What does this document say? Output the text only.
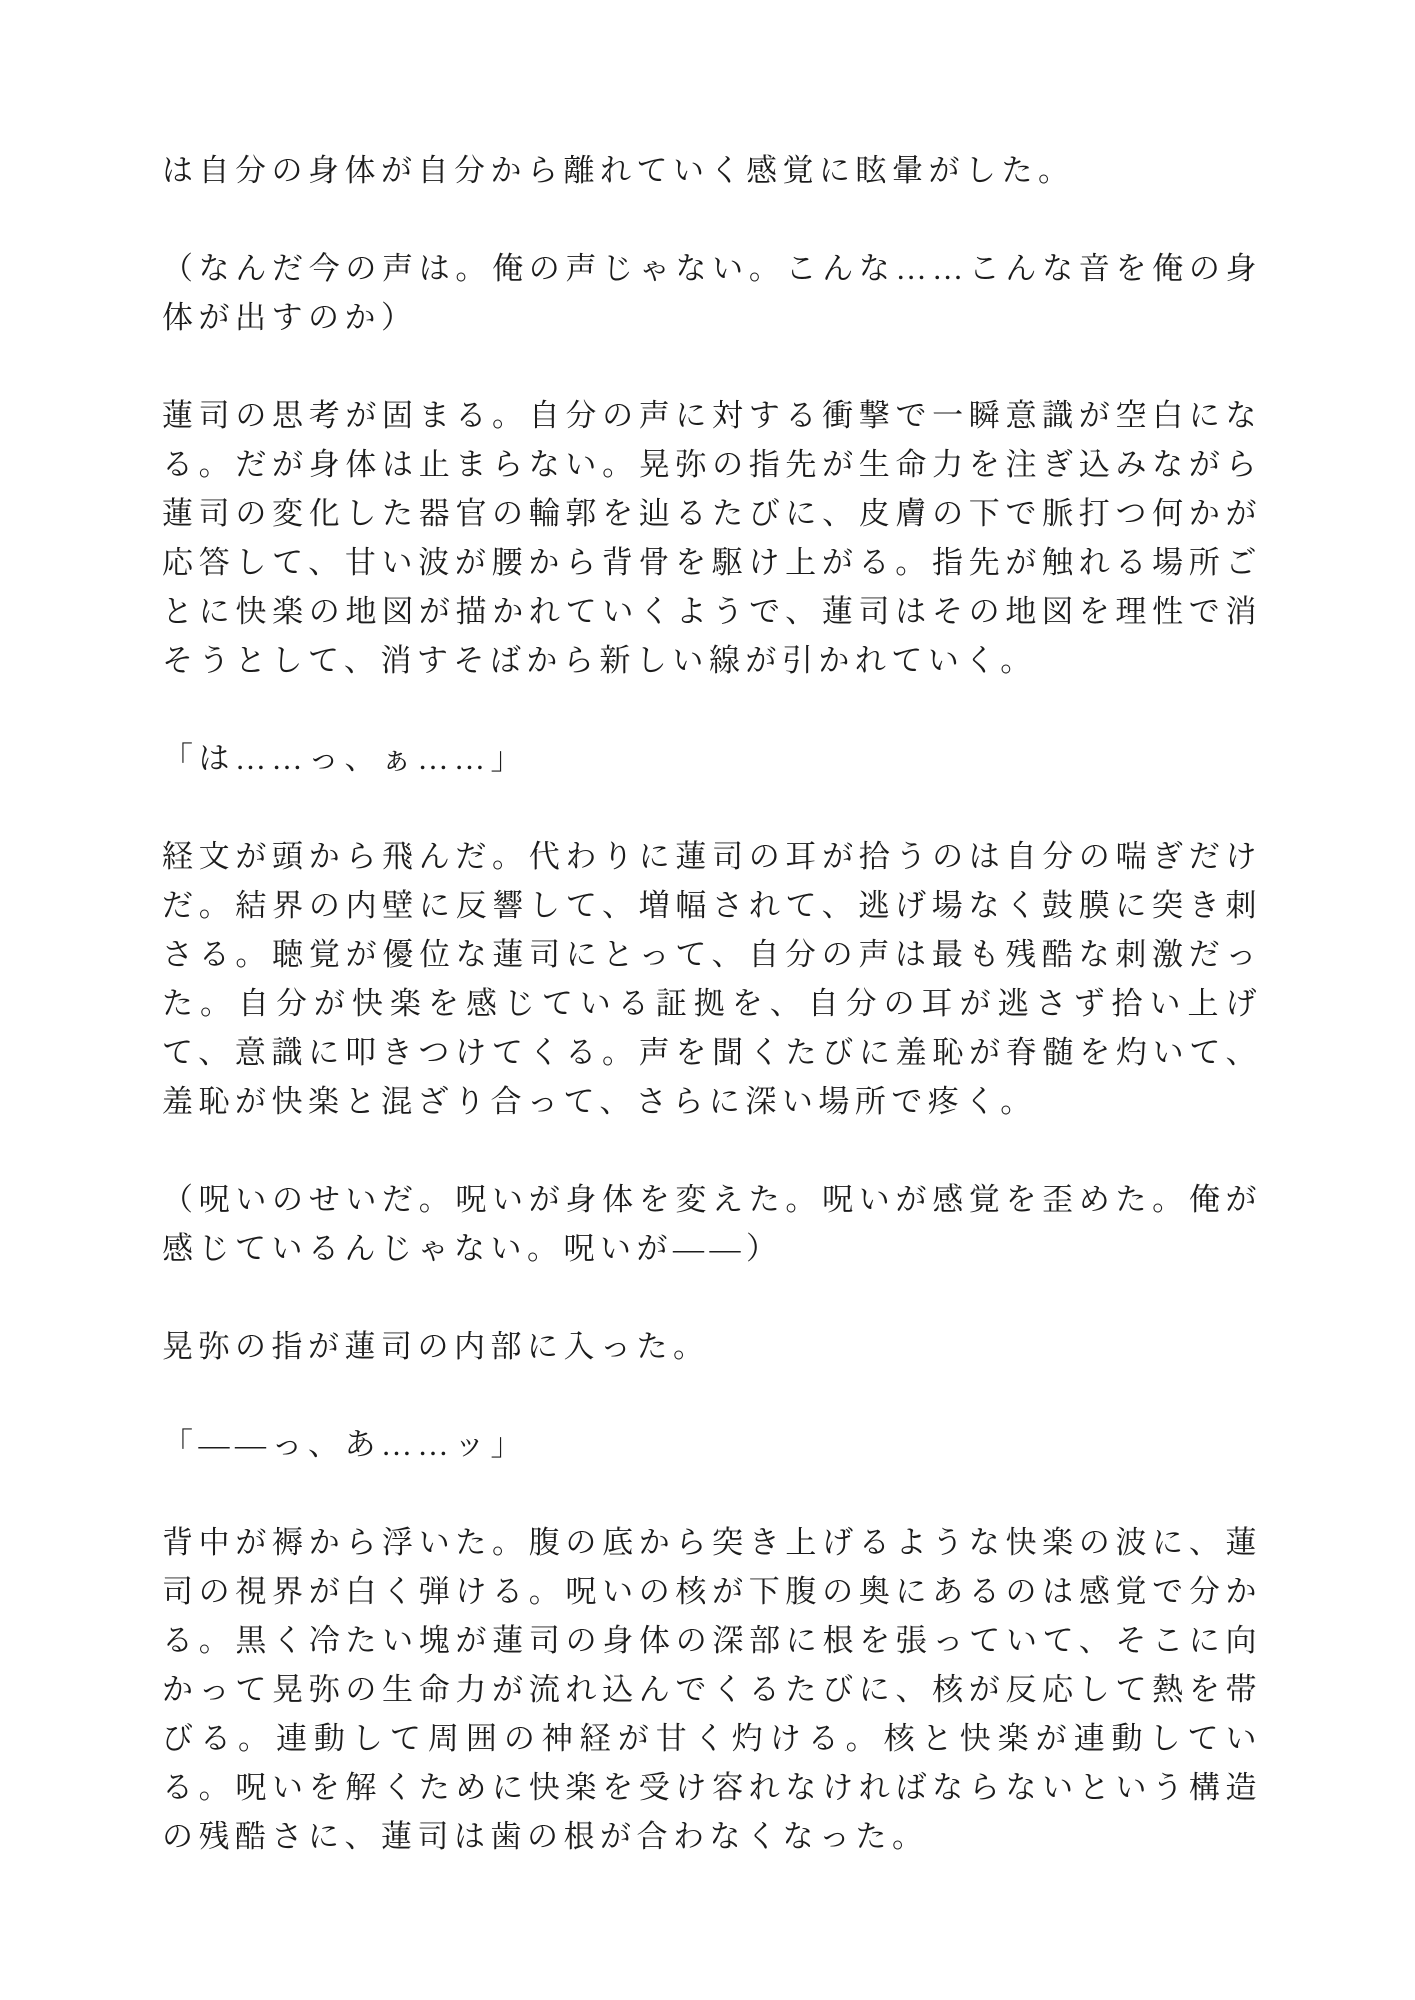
は自分の身体が自分から離れていく感覚に眩暈がした。

（なんだ今の声は。俺の声じゃない。こんな……こんな音を俺の身体が出すのか）

蓮司の思考が固まる。自分の声に対する衝撃で一瞬意識が空白になる。だが身体は止まらない。晃弥の指先が生命力を注ぎ込みながら蓮司の変化した器官の輪郭を辿るたびに、皮膚の下で脈打つ何かが応答して、甘い波が腰から背骨を駆け上がる。指先が触れる場所ごとに快楽の地図が描かれていくようで、蓮司はその地図を理性で消そうとして、消すそばから新しい線が引かれていく。

「は……っ、ぁ……」

経文が頭から飛んだ。代わりに蓮司の耳が拾うのは自分の喘ぎだけだ。結界の内壁に反響して、増幅されて、逃げ場なく鼓膜に突き刺さる。聴覚が優位な蓮司にとって、自分の声は最も残酷な刺激だった。自分が快楽を感じている証拠を、自分の耳が逃さず拾い上げて、意識に叩きつけてくる。声を聞くたびに羞恥が脊髄を灼いて、羞恥が快楽と混ざり合って、さらに深い場所で疼く。

（呪いのせいだ。呪いが身体を変えた。呪いが感覚を歪めた。俺が感じているんじゃない。呪いが――）

晃弥の指が蓮司の内部に入った。

「――っ、あ……ッ」

背中が褥から浮いた。腹の底から突き上げるような快楽の波に、蓮司の視界が白く弾ける。呪いの核が下腹の奥にあるのは感覚で分かる。黒く冷たい塊が蓮司の身体の深部に根を張っていて、そこに向かって晃弥の生命力が流れ込んでくるたびに、核が反応して熱を帯びる。連動して周囲の神経が甘く灼ける。核と快楽が連動している。呪いを解くために快楽を受け容れなければならないという構造の残酷さに、蓮司は歯の根が合わなくなった。
